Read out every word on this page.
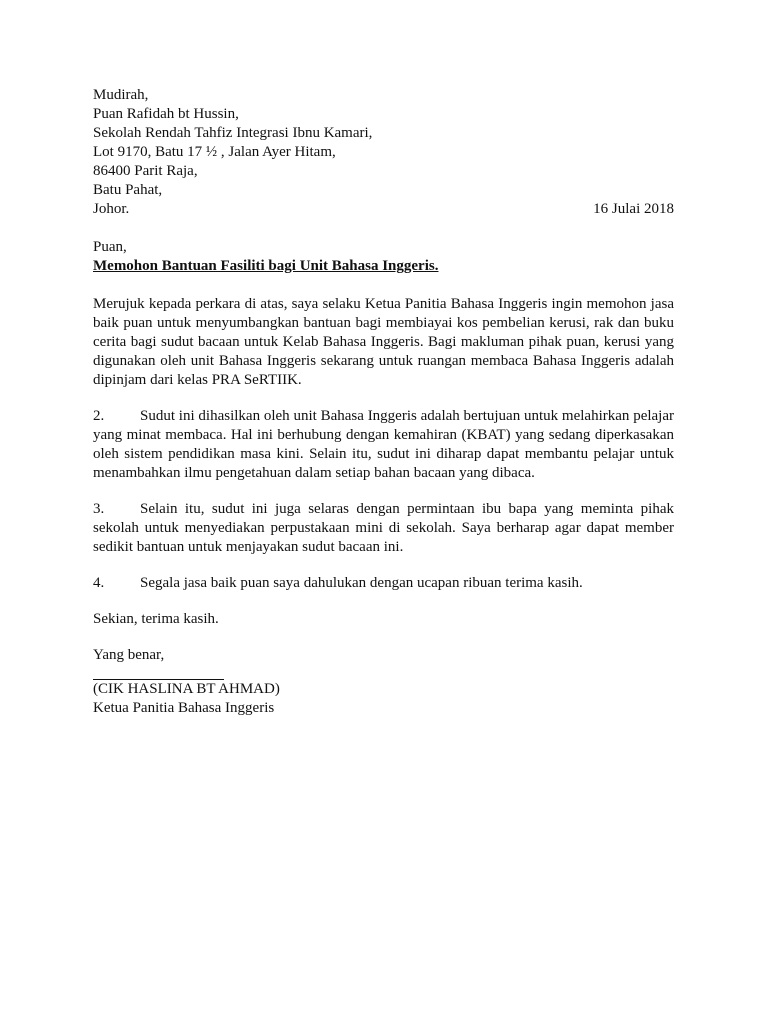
Mudirah,
Puan Rafidah bt Hussin,
Sekolah Rendah Tahfiz Integrasi Ibnu Kamari,
Lot 9170, Batu 17 ½ , Jalan Ayer Hitam,
86400 Parit Raja,
Batu Pahat,
Johor.	16 Julai 2018
Puan,
Memohon Bantuan Fasiliti bagi Unit Bahasa Inggeris.

Merujuk kepada perkara di atas, saya selaku Ketua Panitia Bahasa Inggeris ingin memohon jasa baik puan untuk menyumbangkan bantuan bagi membiayai kos pembelian kerusi, rak dan buku cerita bagi sudut bacaan untuk Kelab Bahasa Inggeris. Bagi makluman pihak puan, kerusi yang digunakan oleh unit Bahasa Inggeris sekarang untuk ruangan membaca Bahasa Inggeris adalah dipinjam dari kelas PRA SeRTIIK.

2. Sudut ini dihasilkan oleh unit Bahasa Inggeris adalah bertujuan untuk melahirkan pelajar yang minat membaca. Hal ini berhubung dengan kemahiran (KBAT) yang sedang diperkasakan oleh sistem pendidikan masa kini. Selain itu, sudut ini diharap dapat membantu pelajar untuk menambahkan ilmu pengetahuan dalam setiap bahan bacaan yang dibaca.

3. Selain itu, sudut ini juga selaras dengan permintaan ibu bapa yang meminta pihak sekolah untuk menyediakan perpustakaan mini di sekolah. Saya berharap agar dapat member sedikit bantuan untuk menjayakan sudut bacaan ini.

4. Segala jasa baik puan saya dahulukan dengan ucapan ribuan terima kasih.

Sekian, terima kasih.
Yang benar,
(CIK HASLINA BT AHMAD)
Ketua Panitia Bahasa Inggeris
